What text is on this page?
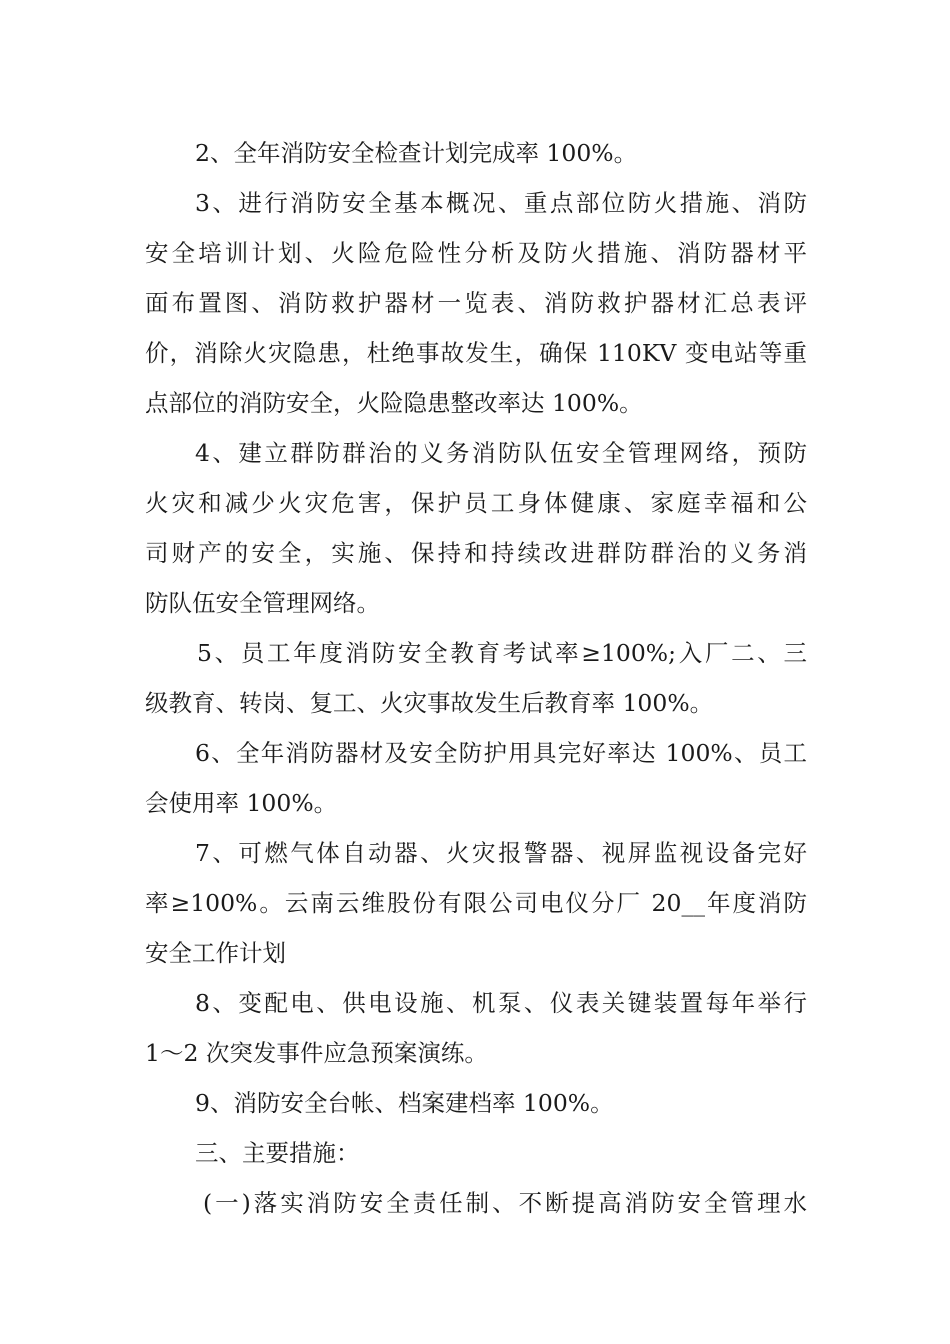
2、全年消防安全检查计划完成率 100%。

3、进行消防安全基本概况、重点部位防火措施、消防
安全培训计划、火险危险性分析及防火措施、消防器材平
面布置图、消防救护器材一览表、消防救护器材汇总表评
价，消除火灾隐患，杜绝事故发生，确保 110KV 变电站等重
点部位的消防安全，火险隐患整改率达 100%。

4、建立群防群治的义务消防队伍安全管理网络，预防
火灾和减少火灾危害，保护员工身体健康、家庭幸福和公
司财产的安全，实施、保持和持续改进群防群治的义务消
防队伍安全管理网络。

5、员工年度消防安全教育考试率≥100%;入厂二、三
级教育、转岗、复工、火灾事故发生后教育率 100%。

6、全年消防器材及安全防护用具完好率达 100%、员工
会使用率 100%。

7、可燃气体自动器、火灾报警器、视屏监视设备完好
率≥100%。云南云维股份有限公司电仪分厂 20__年度消防
安全工作计划

8、变配电、供电设施、机泵、仪表关键装置每年举行
1～2 次突发事件应急预案演练。

9、消防安全台帐、档案建档率 100%。

三、主要措施：

(一)落实消防安全责任制、不断提高消防安全管理水
